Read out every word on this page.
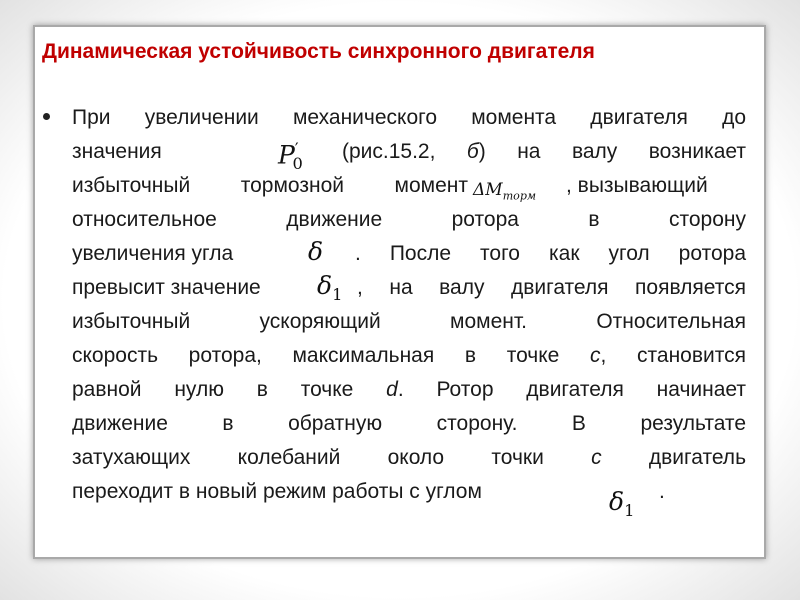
Динамическая устойчивость синхронного двигателя
При увеличении механического момента двигателя до
значения	$P'_0$
(рис.15.2, б) на валу возникает
избыточный тормозной момент $\Delta M_{торм}$ , вызывающий
относительное движение ротора в сторону
увеличения угла	δ . После того как угол ротора
превысит значение $\delta_1$ , на валу двигателя появляется
избыточный ускоряющий момент. Относительная
скорость ротора, максимальная в точке с, становится
равной нулю в точке d. Ротор двигателя начинает
движение в обратную сторону. В результате
затухающих колебаний около точки с двигатель
переходит в новый режим работы с углом	$\delta_1$
.
